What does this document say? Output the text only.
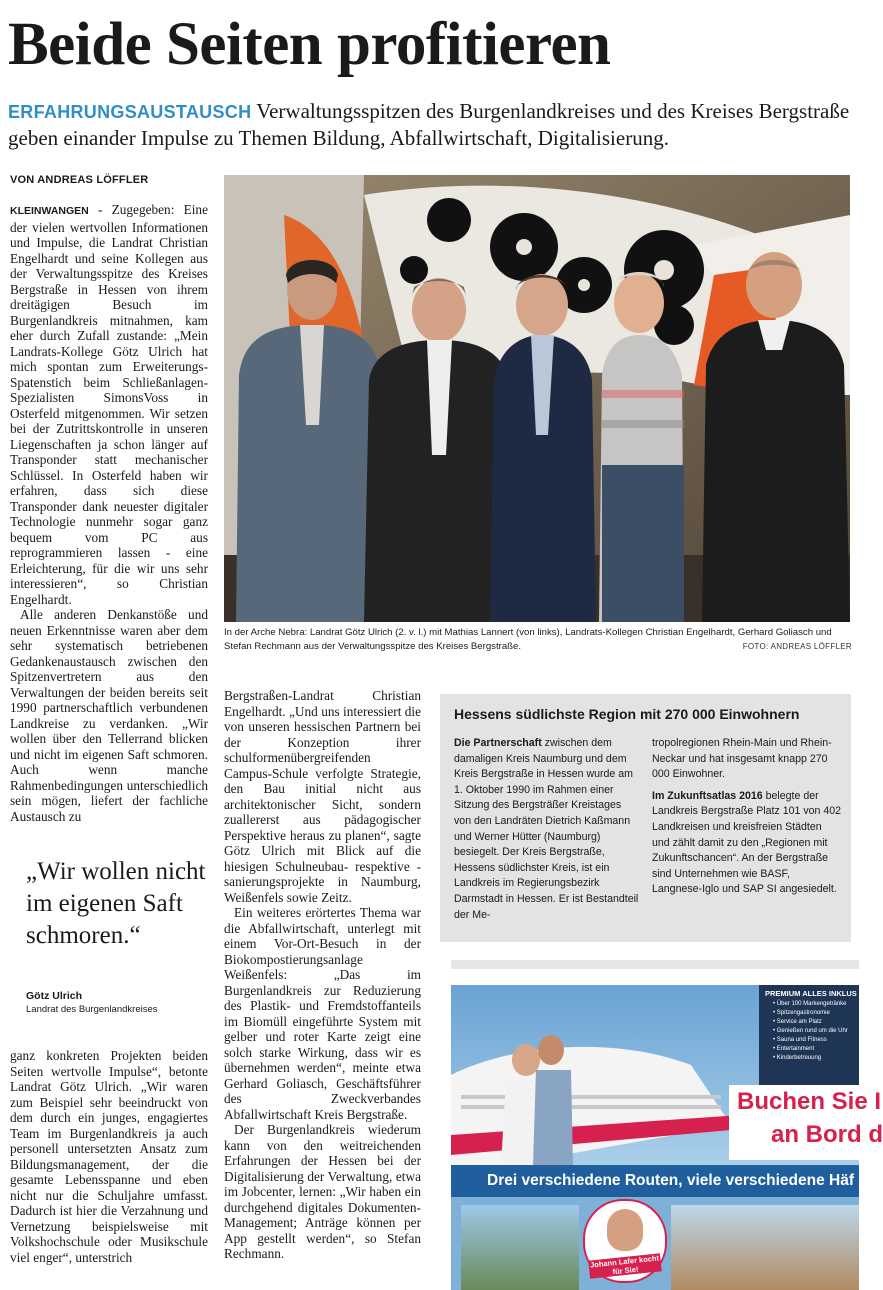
Beide Seiten profitieren
ERFAHRUNGSAUSTAUSCH Verwaltungsspitzen des Burgenlandkreises und des Kreises Bergstraße geben einander Impulse zu Themen Bildung, Abfallwirtschaft, Digitalisierung.
VON ANDREAS LÖFFLER

KLEINWANGEN - Zugegeben: Eine der vielen wertvollen Informationen und Impulse, die Landrat Christian Engelhardt und seine Kollegen aus der Verwaltungsspitze des Kreises Bergstraße in Hessen von ihrem dreitägigen Besuch im Burgenlandkreis mitnahmen, kam eher durch Zufall zustande: „Mein Landrats-Kollege Götz Ulrich hat mich spontan zum Erweiterungs-Spatenstich beim Schließanlagen-Spezialisten SimonsVoss in Osterfeld mitgenommen. Wir setzen bei der Zutrittskontrolle in unseren Liegenschaften ja schon länger auf Transponder statt mechanischer Schlüssel. In Osterfeld haben wir erfahren, dass sich diese Transponder dank neuester digitaler Technologie nunmehr sogar ganz bequem vom PC aus reprogrammieren lassen - eine Erleichterung, für die wir uns sehr interessieren“, so Christian Engelhardt.

Alle anderen Denkanstöße und neuen Erkenntnisse waren aber dem sehr systematisch betriebenen Gedankenaustausch zwischen den Spitzenvertretern aus den Verwaltungen der beiden bereits seit 1990 partnerschaftlich verbundenen Landkreise zu verdanken. „Wir wollen über den Tellerrand blicken und nicht im eigenen Saft schmoren. Auch wenn manche Rahmenbedingungen unterschiedlich sein mögen, liefert der fachliche Austausch zu

„Wir wollen nicht im eigenen Saft schmoren.“
Götz Ulrich
Landrat des Burgenlandkreises

ganz konkreten Projekten beiden Seiten wertvolle Impulse“, betonte Landrat Götz Ulrich. „Wir waren zum Beispiel sehr beeindruckt von dem durch ein junges, engagiertes Team im Burgenlandkreis ja auch personell untersetzten Ansatz zum Bildungsmanagement, der die gesamte Lebensspanne und eben nicht nur die Schuljahre umfasst. Dadurch ist hier die Verzahnung und Vernetzung beispielsweise mit Volkshochschule oder Musikschule viel enger“, unterstrich

In der Arche Nebra: Landrat Götz Ulrich (2. v. l.) mit Mathias Lannert (von links), Landrats-Kollegen Christian Engelhardt, Gerhard Goliasch und Stefan Rechmann aus der Verwaltungsspitze des Kreises Bergstraße.	FOTO: ANDREAS LÖFFLER

Bergstraßen-Landrat Christian Engelhardt. „Und uns interessiert die von unseren hessischen Partnern bei der Konzeption ihrer schulformenübergreifenden Campus-Schule verfolgte Strategie, den Bau initial nicht aus architektonischer Sicht, sondern zuallererst aus pädagogischer Perspektive heraus zu planen“, sagte Götz Ulrich mit Blick auf die hiesigen Schulneubau- respektive -sanierungsprojekte in Naumburg, Weißenfels sowie Zeitz.

Ein weiteres erörtertes Thema war die Abfallwirtschaft, unterlegt mit einem Vor-Ort-Besuch in der Biokompostierungsanlage Weißenfels: „Das im Burgenlandkreis zur Reduzierung des Plastik- und Fremdstoffanteils im Biomüll eingeführte System mit gelber und roter Karte zeigt eine solch starke Wirkung, dass wir es übernehmen werden“, meinte etwa Gerhard Goliasch, Geschäftsführer des Zweckverbandes Abfallwirtschaft Kreis Bergstraße.

Der Burgenlandkreis wiederum kann von den weitreichenden Erfahrungen der Hessen bei der Digitalisierung der Verwaltung, etwa im Jobcenter, lernen: „Wir haben ein durchgehend digitales Dokumenten-Management; Anträge können per App gestellt werden“, so Stefan Rechmann.

Hessens südlichste Region mit 270 000 Einwohnern

Die Partnerschaft zwischen dem damaligen Kreis Naumburg und dem Kreis Bergstraße in Hessen wurde am 1. Oktober 1990 im Rahmen einer Sitzung des Bergsträßer Kreistages von den Landräten Dietrich Kaßmann und Werner Hütter (Naumburg) besiegelt. Der Kreis Bergstraße, Hessens südlichster Kreis, ist ein Landkreis im Regierungsbezirk Darmstadt in Hessen. Er ist Bestandteil der Me-

tropolregionen Rhein-Main und Rhein-Neckar und hat insgesamt knapp 270 000 Einwohner.

Im Zukunftsatlas 2016 belegte der Landkreis Bergstraße Platz 101 von 402 Landkreisen und kreisfreien Städten und zählt damit zu den „Regionen mit Zukunftschancen“. An der Bergstraße sind Unternehmen wie BASF, Langnese-Iglo und SAP SI angesiedelt.

PREMIUM ALLES INKLUS
• Über 100 Markengetränke
• Spitzengastronomie
• Service am Platz
• Genießen rund um die Uhr
• Sauna und Fitness
• Entertainment
• Kinderbetreuung
Buchen Sie I
an Bord d
Drei verschiedene Routen, viele verschiedene Häf
Johann Lafer kocht für Sie!
